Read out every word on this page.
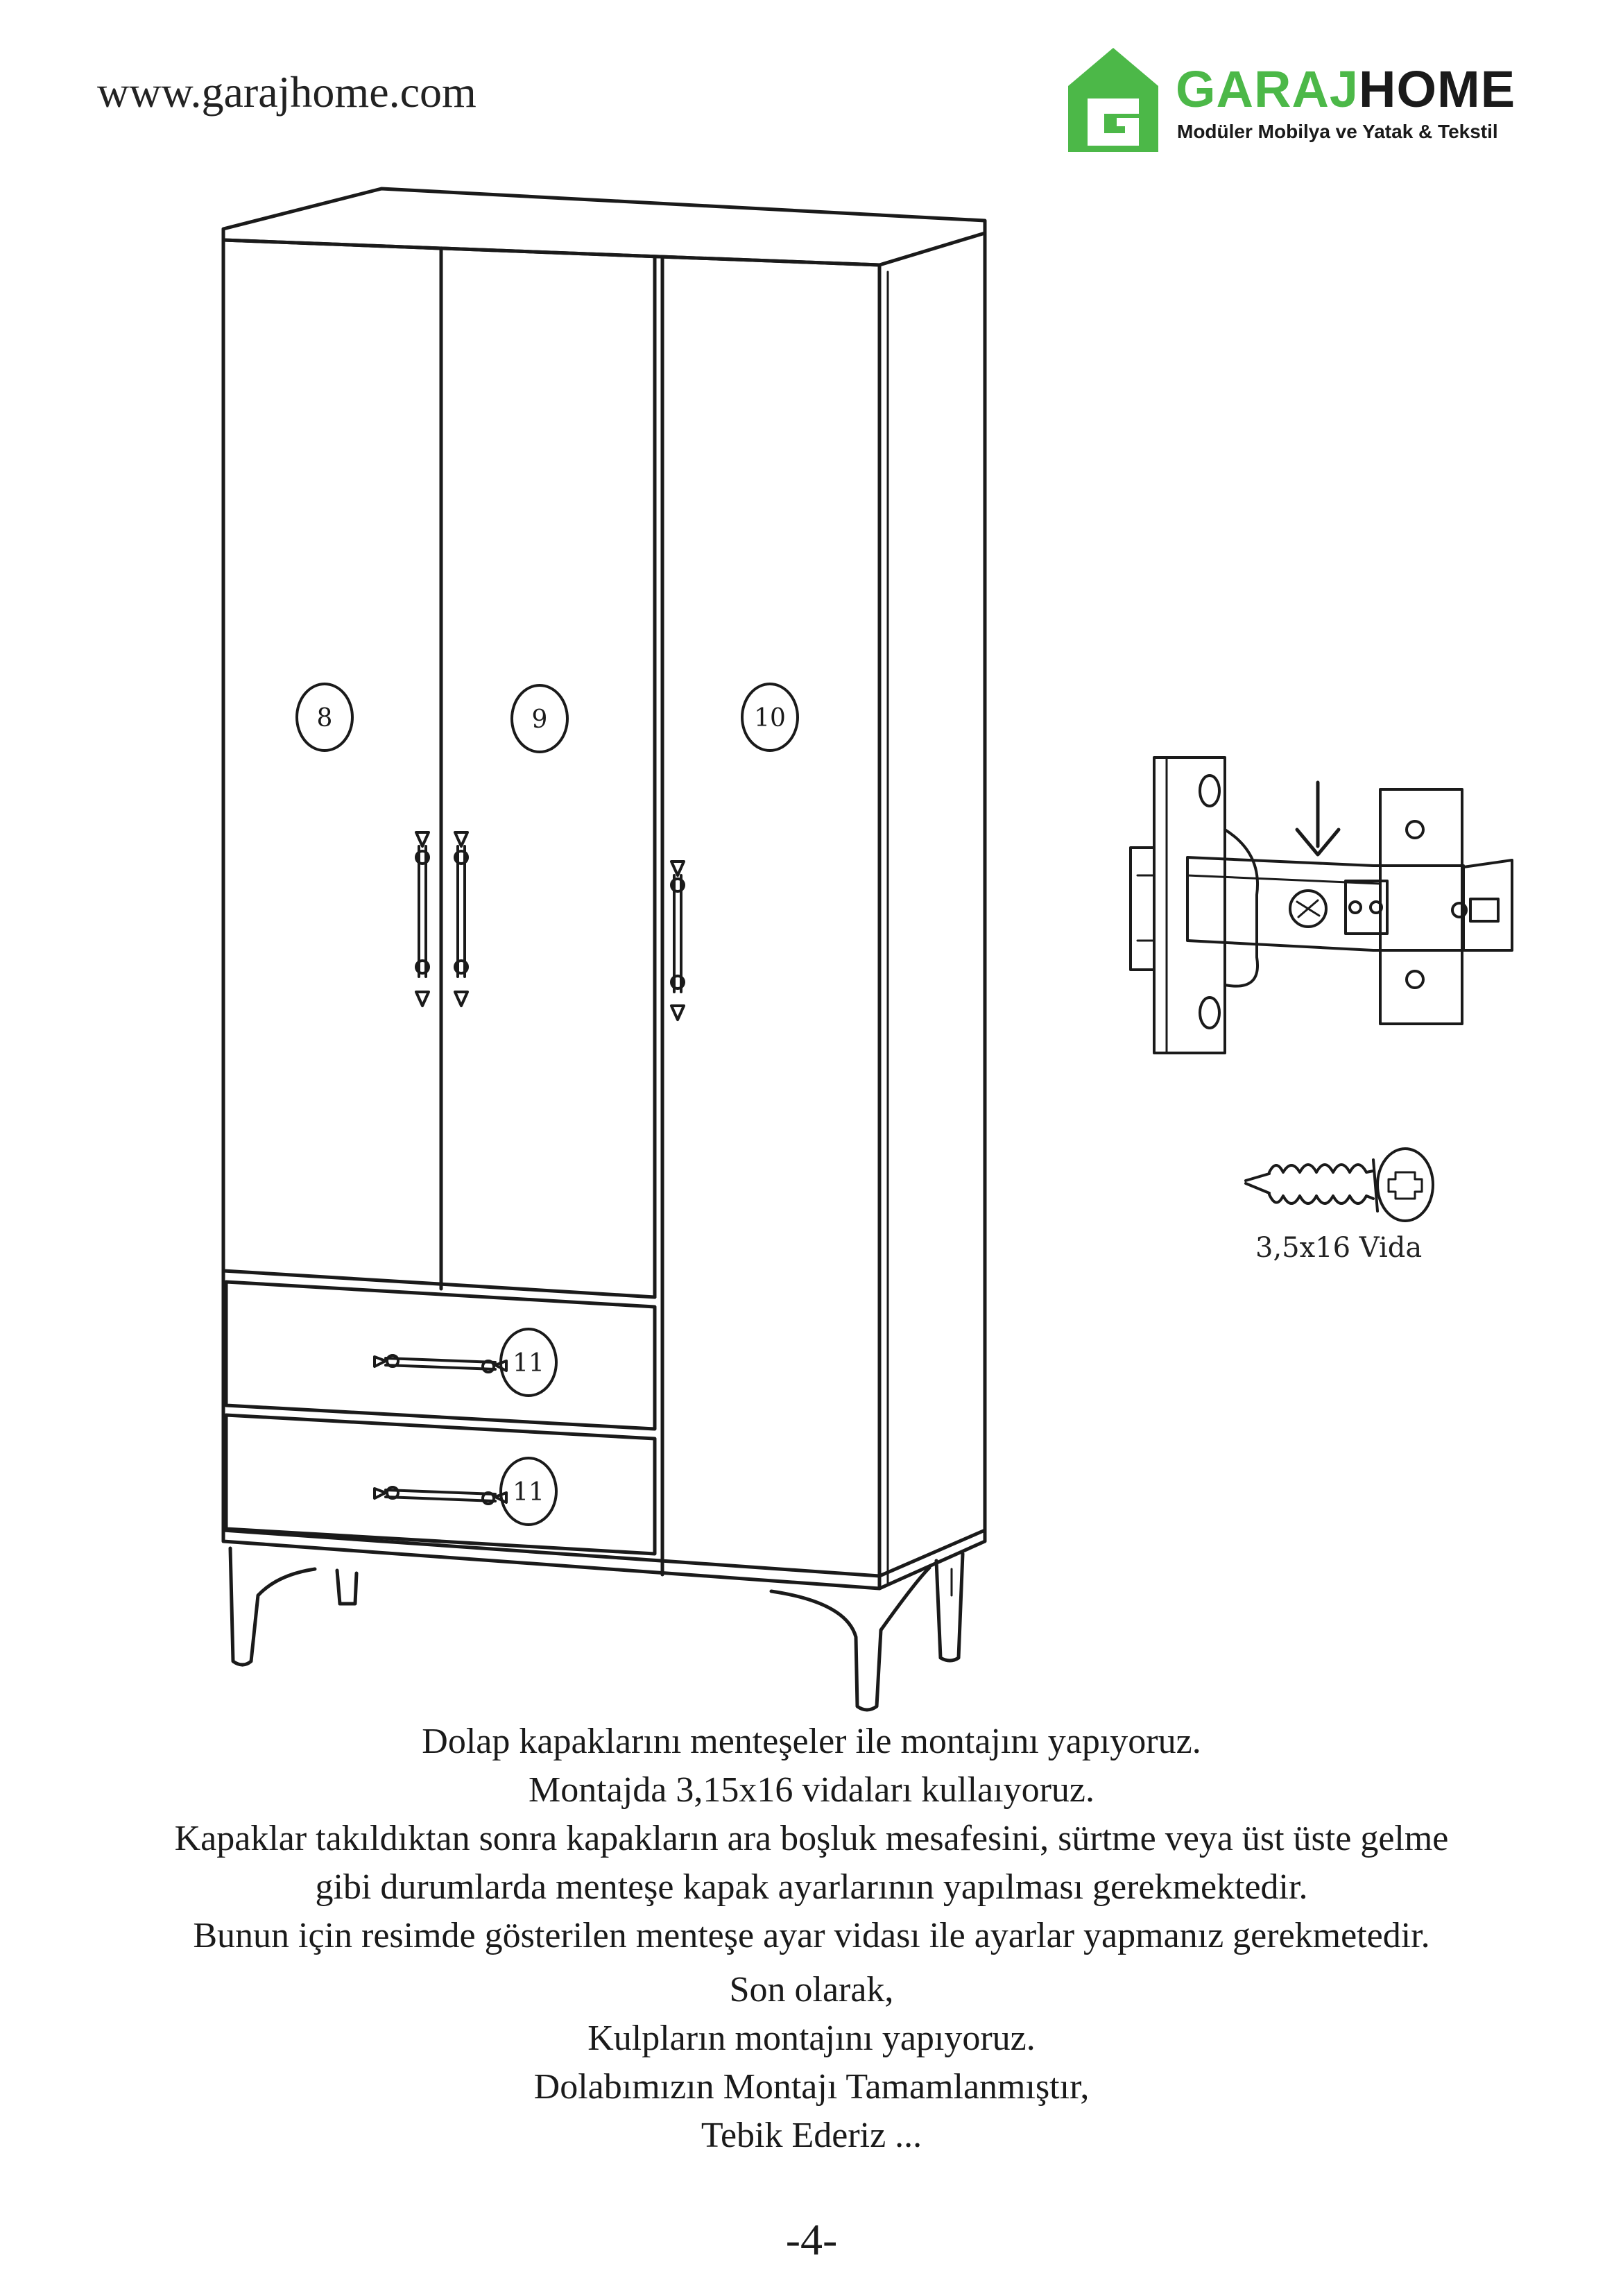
www.garajhome.com	GARAJHOME
Modüler Mobilya ve Yatak & Tekstil
8	9	10
11
11
3,5x16 Vida
Dolap kapaklarını menteşeler ile montajını yapıyoruz.
Montajda 3,15x16 vidaları kullaıyoruz.
Kapaklar takıldıktan sonra kapakların ara boşluk mesafesini, sürtme veya üst üste gelme
gibi durumlarda menteşe kapak ayarlarının yapılması gerekmektedir.
Bunun için resimde gösterilen menteşe ayar vidası ile ayarlar yapmanız gerekmetedir.
Son olarak,
Kulpların montajını yapıyoruz.
Dolabımızın Montajı Tamamlanmıştır,
Tebik Ederiz ...
-4-
